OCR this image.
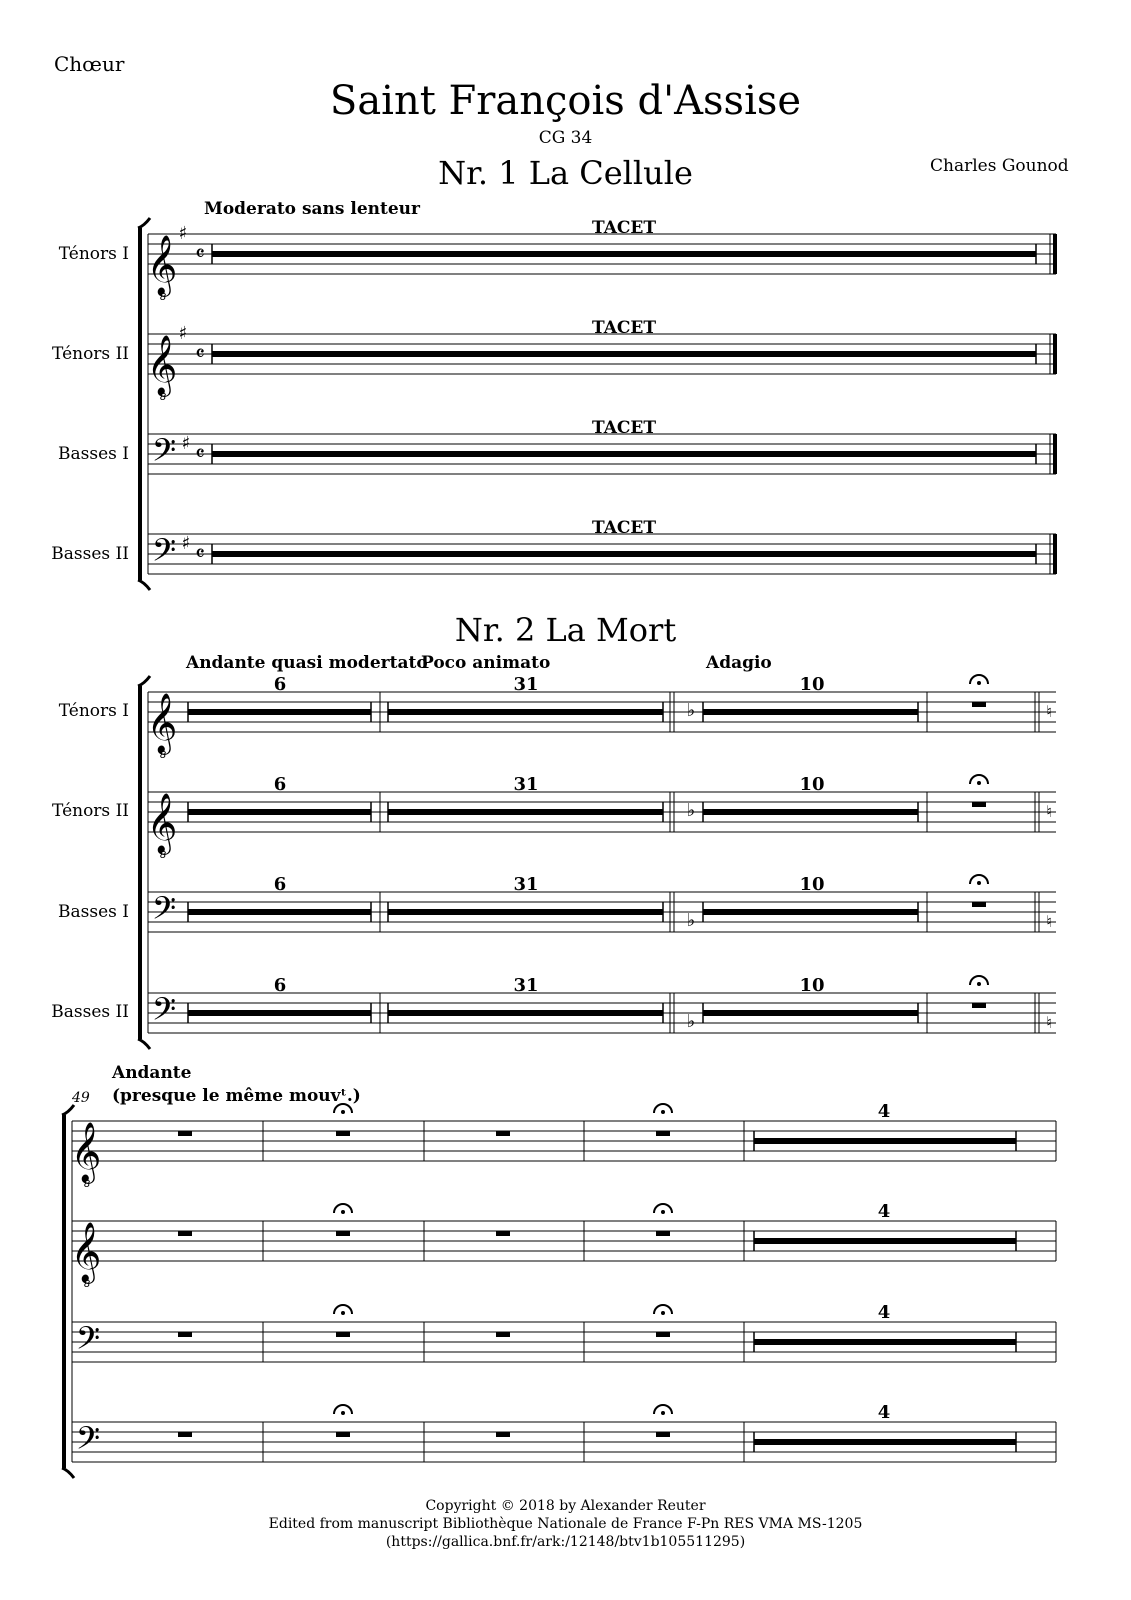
Chœur
Saint François d'Assise
CG 34
Charles Gounod
Nr. 1 La Cellule
Moderato sans lenteur
Ténors I
Ténors II
Basses I
Basses II
TACET
TACET
TACET
TACET
Nr. 2 La Mort
Andante quasi modertato
Poco animato	Adagio
Ténors I
Ténors II
Basses I
Basses II
6	31	10
6	31	10
6	31	10
6	31	10
Andante
(presque le même mouvᵗ.)
49
4
4
4
4
Copyright © 2018 by Alexander Reuter
Edited from manuscript Bibliothèque Nationale de France F-Pn RES VMA MS-1205
(https://gallica.bnf.fr/ark:/12148/btv1b105511295)
𝄞
8
♯
𝄴
𝄞
8
♯
𝄴
𝄢 ♯ 𝄴
𝄢 ♯ 𝄴
𝄞
8
♭	♮
𝄞
8
♭	♮
𝄢	♭	♮
𝄢	♭	♮
𝄞
8
𝄞
8
𝄢
𝄢
